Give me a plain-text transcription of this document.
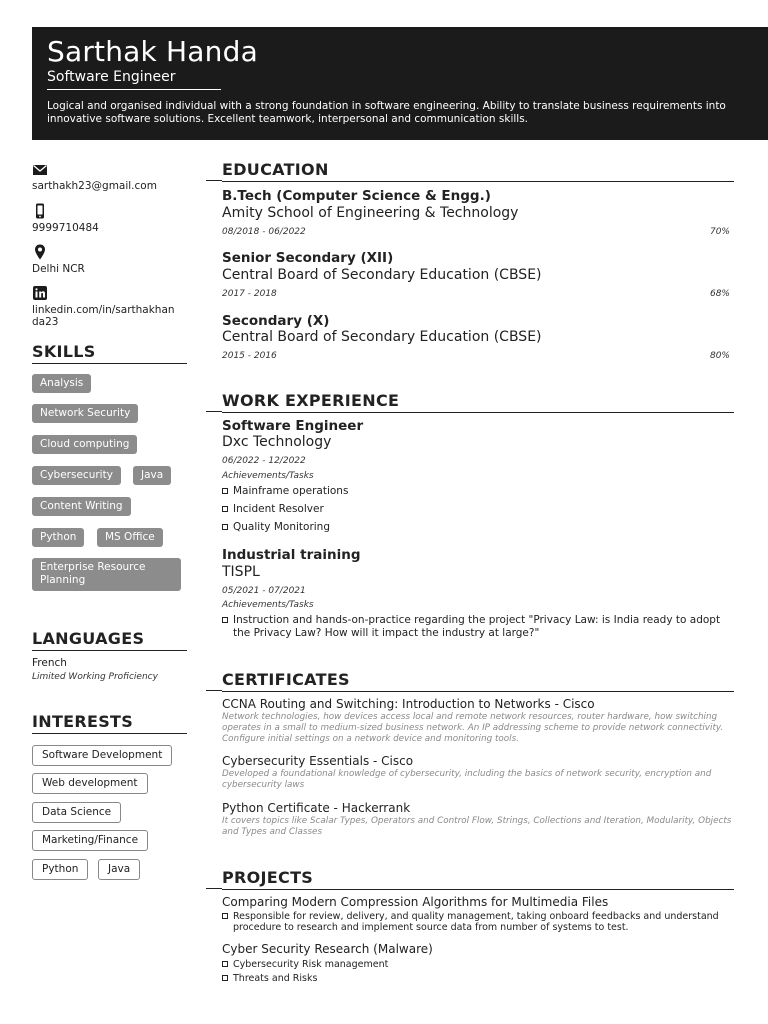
Sarthak Handa
Software Engineer
Logical and organised individual with a strong foundation in software engineering. Ability to translate business requirements into innovative software solutions. Excellent teamwork, interpersonal and communication skills.
sarthakh23@gmail.com
9999710484
Delhi NCR
linkedin.com/in/sarthakhan
da23
SKILLS
Analysis
Network Security
Cloud computing
Cybersecurity	Java
Content Writing
Python	MS Office
Enterprise Resource
Planning
LANGUAGES
French
Limited Working Proficiency
INTERESTS
Software Development
Web development
Data Science
Marketing/Finance
Python	Java
EDUCATION
B.Tech (Computer Science & Engg.)
Amity School of Engineering & Technology
08/2018 - 06/2022	70%
Senior Secondary (XII)
Central Board of Secondary Education (CBSE)
2017 - 2018	68%
Secondary (X)
Central Board of Secondary Education (CBSE)
2015 - 2016	80%
WORK EXPERIENCE
Software Engineer
Dxc Technology
06/2022 - 12/2022
Achievements/Tasks
Mainframe operations
Incident Resolver
Quality Monitoring
Industrial training
TISPL
05/2021 - 07/2021
Achievements/Tasks
Instruction and hands-on-practice regarding the project "Privacy Law: is India ready to adopt the Privacy Law? How will it impact the industry at large?"
CERTIFICATES
CCNA Routing and Switching: Introduction to Networks - Cisco
Network technologies, how devices access local and remote network resources, router hardware, how switching operates in a small to medium-sized business network. An IP addressing scheme to provide network connectivity. Configure initial settings on a network device and monitoring tools.
Cybersecurity Essentials - Cisco
Developed a foundational knowledge of cybersecurity, including the basics of network security, encryption and cybersecurity laws
Python Certificate - Hackerrank
It covers topics like Scalar Types, Operators and Control Flow, Strings, Collections and Iteration, Modularity, Objects and Types and Classes
PROJECTS
Comparing Modern Compression Algorithms for Multimedia Files
Responsible for review, delivery, and quality management, taking onboard feedbacks and understand procedure to research and implement source data from number of systems to test.
Cyber Security Research (Malware)
Cybersecurity Risk management
Threats and Risks
